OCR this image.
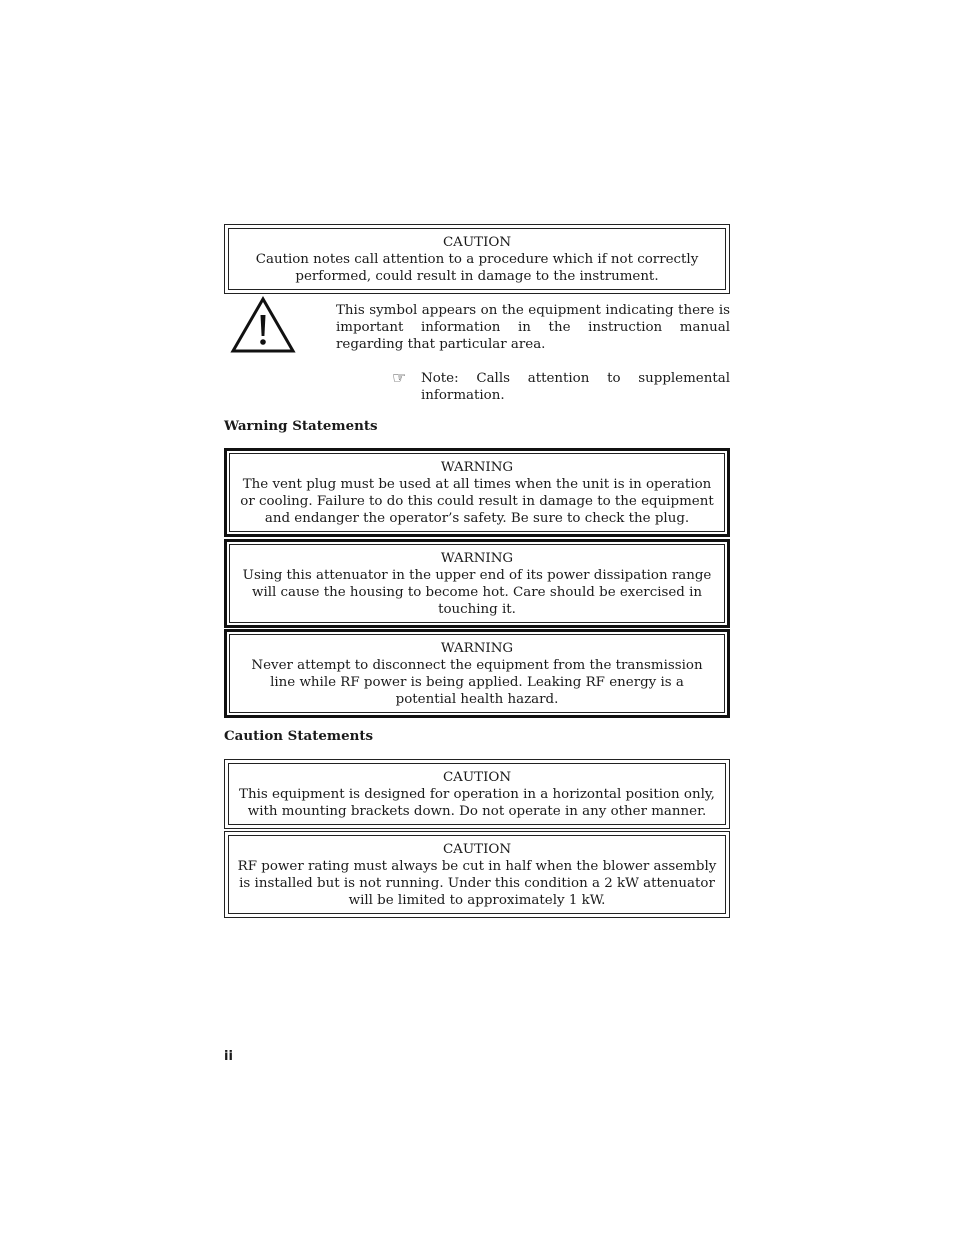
CAUTION
Caution notes call attention to a procedure which if not correctly performed, could result in damage to the instrument.
This symbol appears on the equipment indicating there is important information in the instruction manual regarding that particular area.
☞ Note: Calls attention to supplemental information.
Warning Statements
WARNING
The vent plug must be used at all times when the unit is in operation or cooling. Failure to do this could result in damage to the equipment and endanger the operator’s safety. Be sure to check the plug.
WARNING
Using this attenuator in the upper end of its power dissipation range will cause the housing to become hot. Care should be exercised in touching it.
WARNING
Never attempt to disconnect the equipment from the transmission line while RF power is being applied. Leaking RF energy is a potential health hazard.
Caution Statements
CAUTION
This equipment is designed for operation in a horizontal position only, with mounting brackets down. Do not operate in any other manner.
CAUTION
RF power rating must always be cut in half when the blower assembly is installed but is not running. Under this condition a 2 kW attenuator will be limited to approximately 1 kW.
ii
